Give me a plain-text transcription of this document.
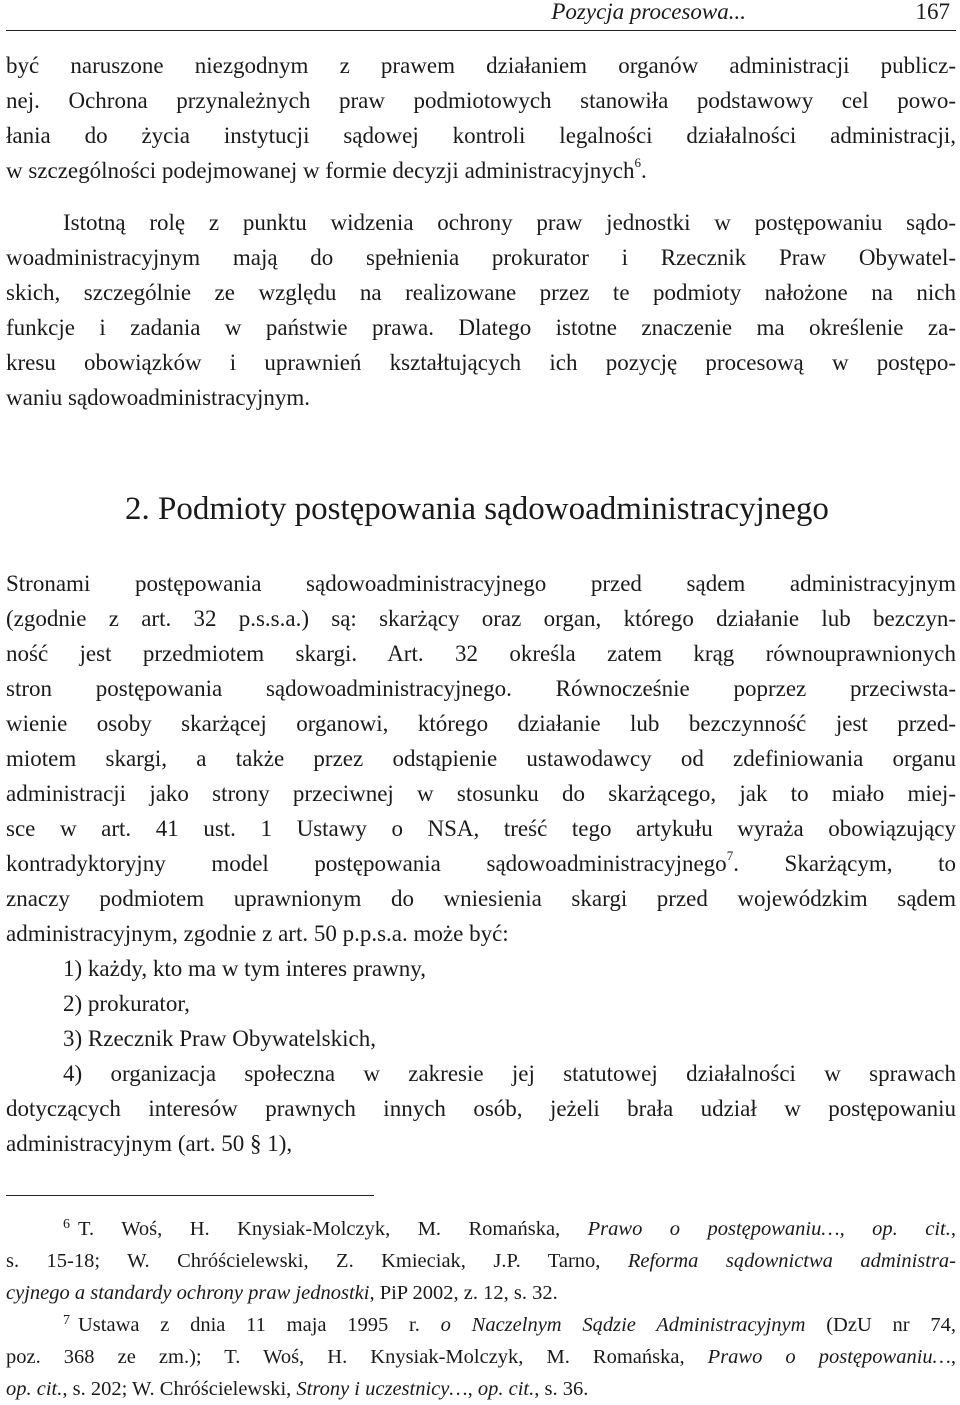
Pozycja procesowa...	167
być naruszone niezgodnym z prawem działaniem organów administracji publicz-
nej. Ochrona przynależnych praw podmiotowych stanowiła podstawowy cel powo-
łania do życia instytucji sądowej kontroli legalności działalności administracji,
w szczególności podejmowanej w formie decyzji administracyjnych$^6$.
Istotną rolę z punktu widzenia ochrony praw jednostki w postępowaniu sądo-
woadministracyjnym mają do spełnienia prokurator i Rzecznik Praw Obywatel-
skich, szczególnie ze względu na realizowane przez te podmioty nałożone na nich
funkcje i zadania w państwie prawa. Dlatego istotne znaczenie ma określenie za-
kresu obowiązków i uprawnień kształtujących ich pozycję procesową w postępo-
waniu sądowoadministracyjnym.
2. Podmioty postępowania sądowoadministracyjnego
Stronami postępowania sądowoadministracyjnego przed sądem administracyjnym
(zgodnie z art. 32 p.s.s.a.) są: skarżący oraz organ, którego działanie lub bezczyn-
ność jest przedmiotem skargi. Art. 32 określa zatem krąg równouprawnionych
stron postępowania sądowoadministracyjnego. Równocześnie poprzez przeciwsta-
wienie osoby skarżącej organowi, którego działanie lub bezczynność jest przed-
miotem skargi, a także przez odstąpienie ustawodawcy od zdefiniowania organu
administracji jako strony przeciwnej w stosunku do skarżącego, jak to miało miej-
sce w art. 41 ust. 1 Ustawy o NSA, treść tego artykułu wyraża obowiązujący
kontradyktoryjny model postępowania sądowoadministracyjnego$^7$. Skarżącym, to
znaczy podmiotem uprawnionym do wniesienia skargi przed wojewódzkim sądem
administracyjnym, zgodnie z art. 50 p.p.s.a. może być:
1) każdy, kto ma w tym interes prawny,
2) prokurator,
3) Rzecznik Praw Obywatelskich,
4) organizacja społeczna w zakresie jej statutowej działalności w sprawach
dotyczących interesów prawnych innych osób, jeżeli brała udział w postępowaniu
administracyjnym (art. 50 § 1),
$^6$ T. Woś, H. Knysiak-Molczyk, M. Romańska, Prawo o postępowaniu…, op. cit.,
s. 15-18; W. Chróścielewski, Z. Kmieciak, J.P. Tarno, Reforma sądownictwa administra-
cyjnego a standardy ochrony praw jednostki, PiP 2002, z. 12, s. 32.
$^7$ Ustawa z dnia 11 maja 1995 r. o Naczelnym Sądzie Administracyjnym (DzU nr 74,
poz. 368 ze zm.); T. Woś, H. Knysiak-Molczyk, M. Romańska, Prawo o postępowaniu…,
op. cit., s. 202; W. Chróścielewski, Strony i uczestnicy…, op. cit., s. 36.
